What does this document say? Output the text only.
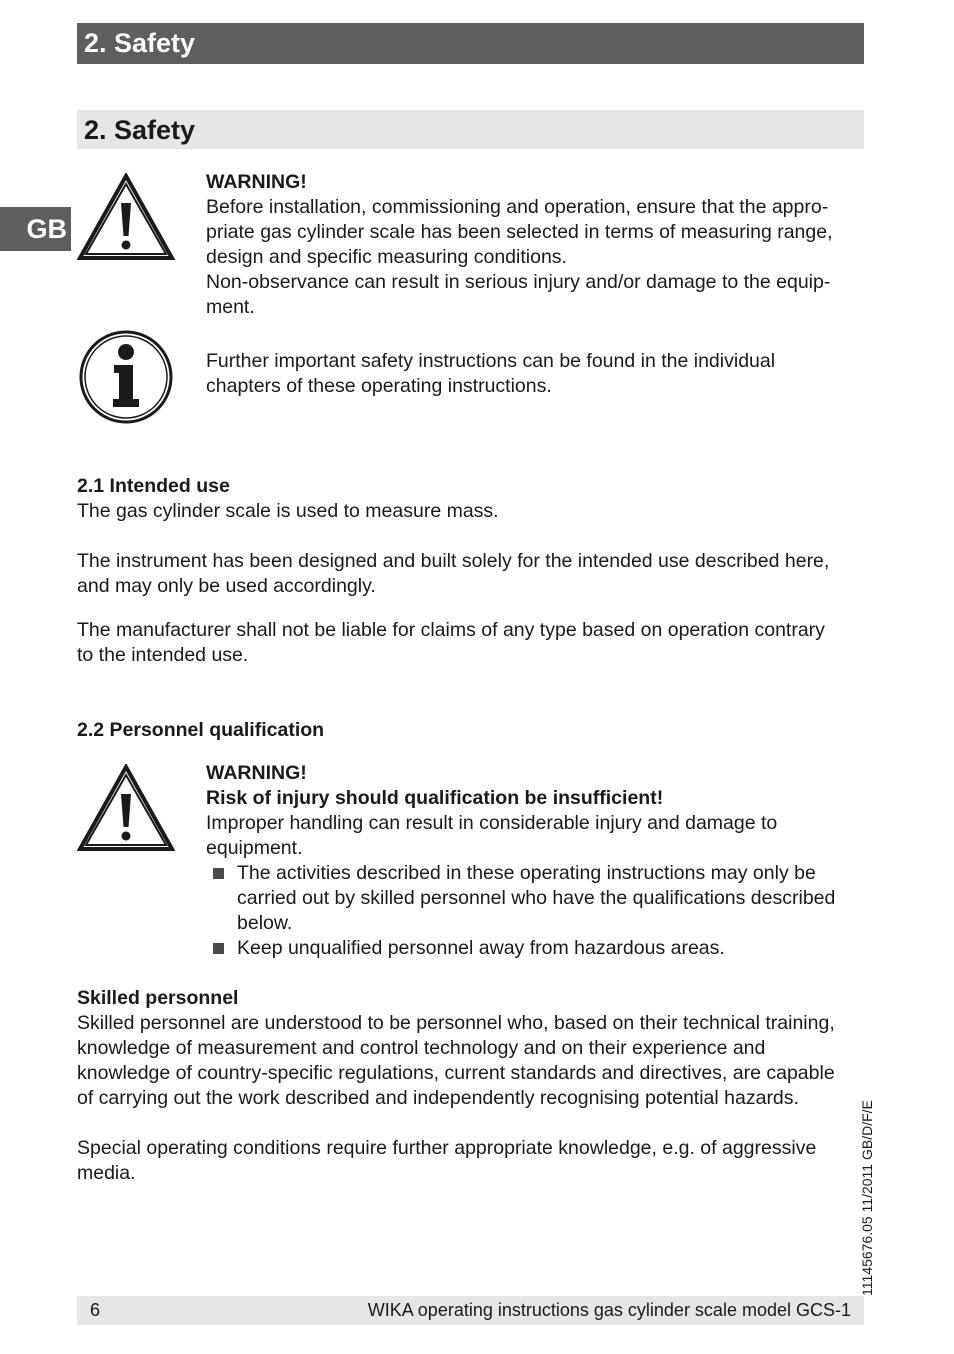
2. Safety
2. Safety
GB
WARNING!
Before installation, commissioning and operation, ensure that the appro-
priate gas cylinder scale has been selected in terms of measuring range,
design and specific measuring conditions.
Non-observance can result in serious injury and/or damage to the equip-
ment.
Further important safety instructions can be found in the individual
chapters of these operating instructions.
2.1 Intended use
The gas cylinder scale is used to measure mass.
The instrument has been designed and built solely for the intended use described here,
and may only be used accordingly.
The manufacturer shall not be liable for claims of any type based on operation contrary
to the intended use.
2.2 Personnel qualification
WARNING!
Risk of injury should qualification be insufficient!
Improper handling can result in considerable injury and damage to
equipment.
The activities described in these operating instructions may only be
carried out by skilled personnel who have the qualifications described
below.
Keep unqualified personnel away from hazardous areas.
Skilled personnel
Skilled personnel are understood to be personnel who, based on their technical training,
knowledge of measurement and control technology and on their experience and
knowledge of country-specific regulations, current standards and directives, are capable
of carrying out the work described and independently recognising potential hazards.
Special operating conditions require further appropriate knowledge, e.g. of aggressive
media.	11145676.05 11/2011 GB/D/F/E
6	WIKA operating instructions gas cylinder scale model GCS-1
